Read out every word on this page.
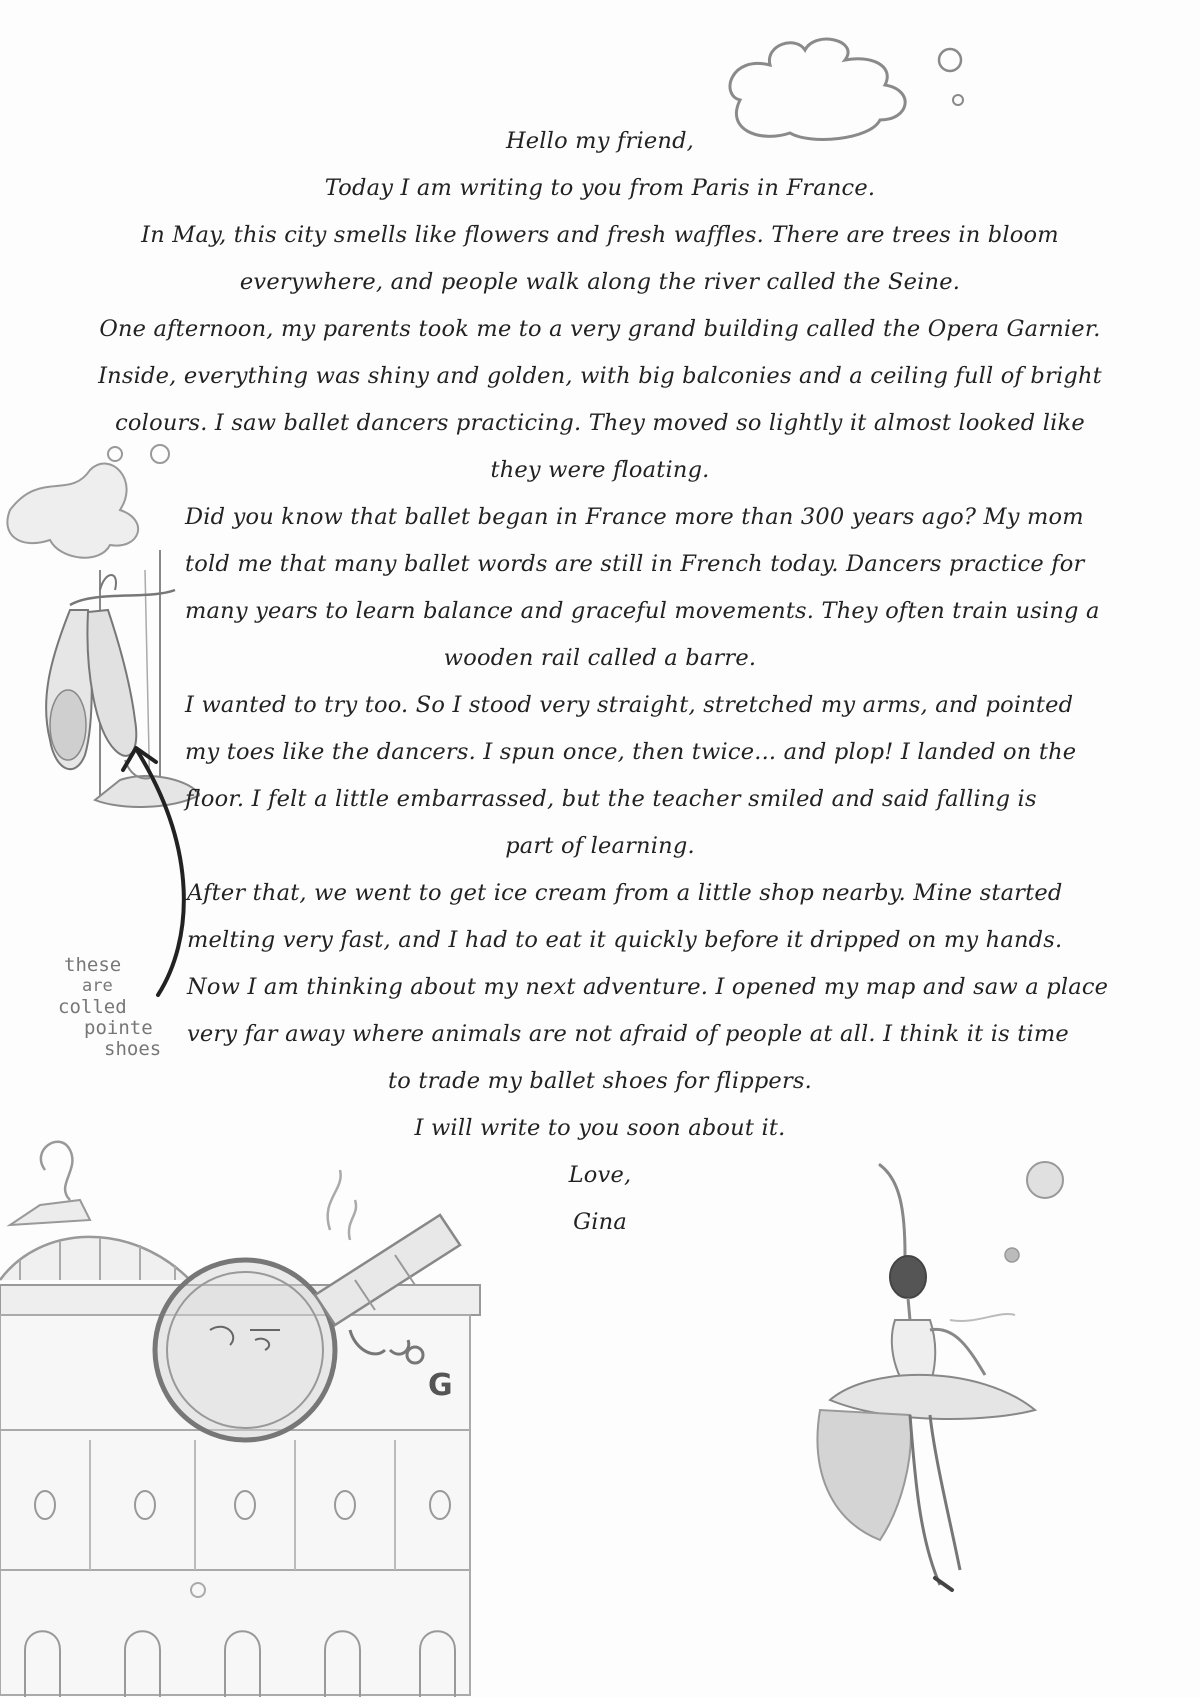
these
are
colled
pointe
shoes
G

Hello my friend,

Today I am writing to you from Paris in France.

In May, this city smells like flowers and fresh waffles. There are trees in bloom

everywhere, and people walk along the river called the Seine.

One afternoon, my parents took me to a very grand building called the Opera Garnier.

Inside, everything was shiny and golden, with big balconies and a ceiling full of bright

colours. I saw ballet dancers practicing. They moved so lightly it almost looked like

they were floating.

Did you know that ballet began in France more than 300 years ago? My mom

told me that many ballet words are still in French today. Dancers practice for

many years to learn balance and graceful movements. They often train using a

wooden rail called a barre.

I wanted to try too. So I stood very straight, stretched my arms, and pointed

my toes like the dancers. I spun once, then twice... and plop! I landed on the

floor. I felt a little embarrassed, but the teacher smiled and said falling is

part of learning.

After that, we went to get ice cream from a little shop nearby. Mine started

melting very fast, and I had to eat it quickly before it dripped on my hands.

Now I am thinking about my next adventure. I opened my map and saw a place

very far away where animals are not afraid of people at all. I think it is time

to trade my ballet shoes for flippers.

I will write to you soon about it.

Love,

Gina
